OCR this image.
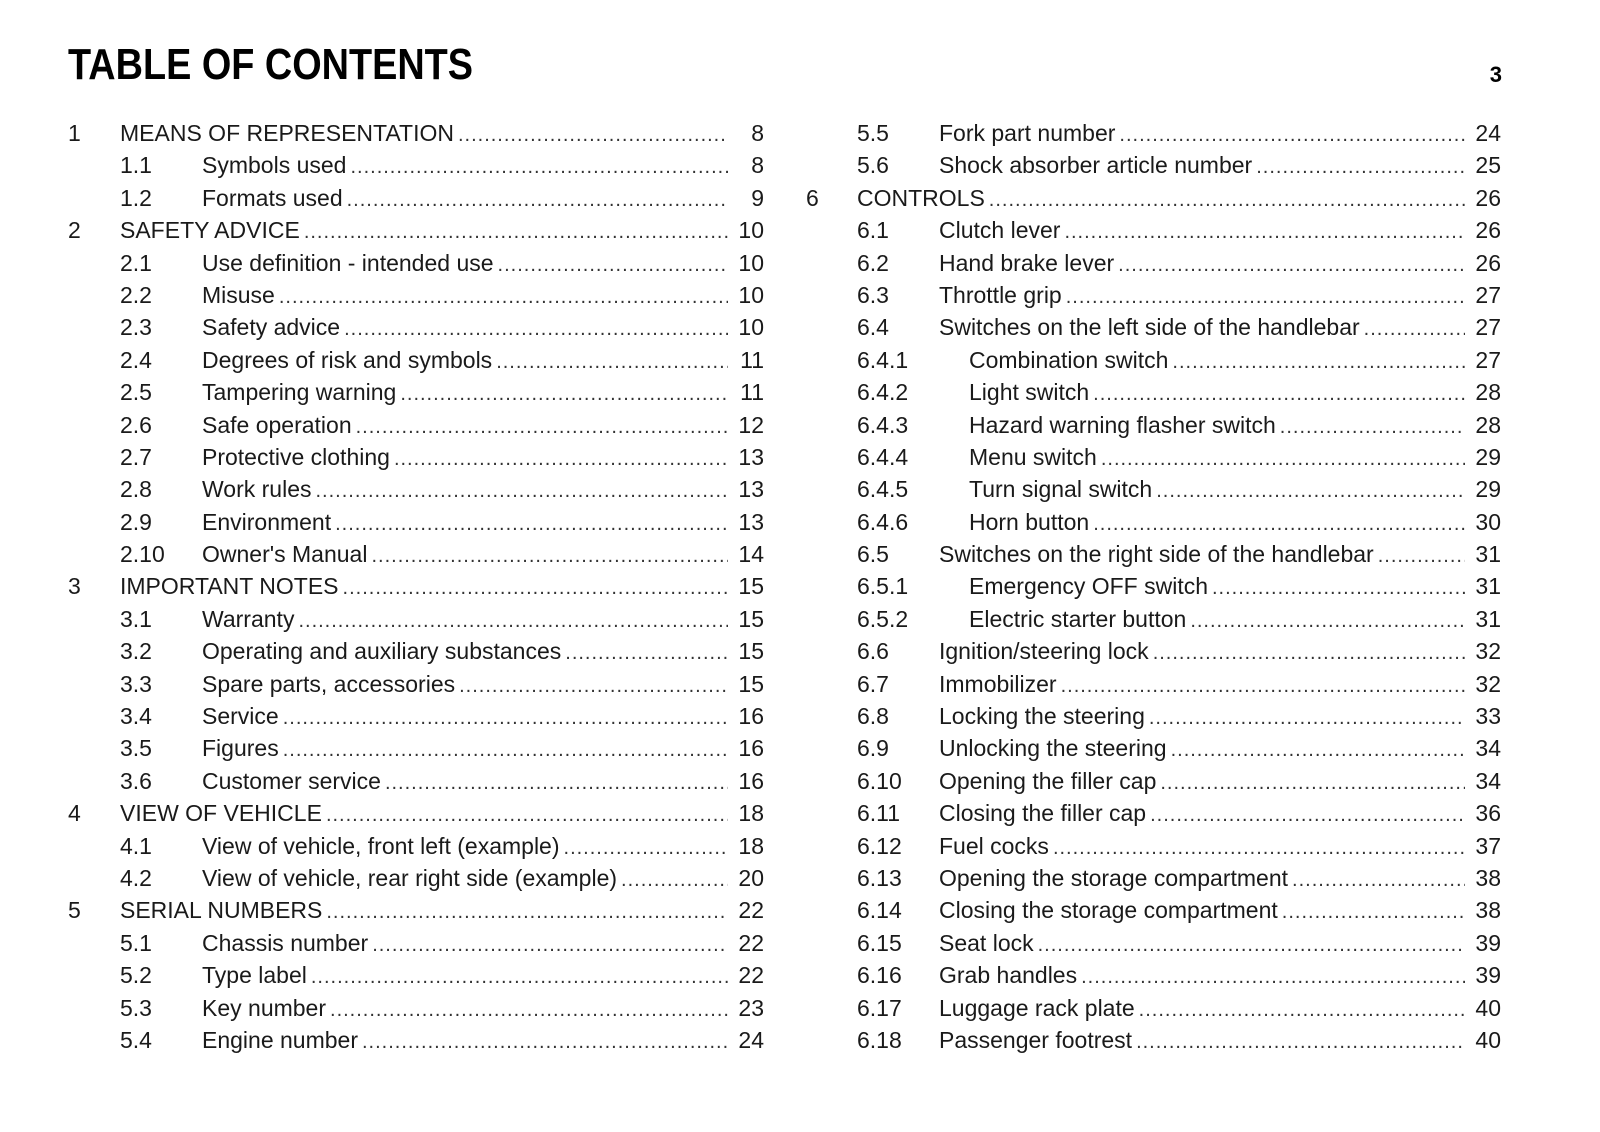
TABLE OF CONTENTS	3
1 MEANS OF REPRESENTATION .....	8
1.1 Symbols used .....	8
1.2 Formats used .....	9
2 SAFETY ADVICE .....	10
2.1 Use definition - intended use .....	10
2.2 Misuse .....	10
2.3 Safety advice .....	10
2.4 Degrees of risk and symbols .....	11
2.5 Tampering warning .....	11
2.6 Safe operation .....	12
2.7 Protective clothing .....	13
2.8 Work rules .....	13
2.9 Environment .....	13
2.10 Owner's Manual .....	14
3 IMPORTANT NOTES .....	15
3.1 Warranty .....	15
3.2 Operating and auxiliary substances .....	15
3.3 Spare parts, accessories .....	15
3.4 Service .....	16
3.5 Figures .....	16
3.6 Customer service .....	16
4 VIEW OF VEHICLE .....	18
4.1 View of vehicle, front left (example) .....	18
4.2 View of vehicle, rear right side (example) .....	20
5 SERIAL NUMBERS .....	22
5.1 Chassis number .....	22
5.2 Type label .....	22
5.3 Key number .....	23
5.4 Engine number .....	24
5.5 Fork part number .....	24
5.6 Shock absorber article number .....	25
6 CONTROLS .....	26
6.1 Clutch lever .....	26
6.2 Hand brake lever .....	26
6.3 Throttle grip .....	27
6.4 Switches on the left side of the handlebar .....	27
6.4.1	Combination switch .....	27
6.4.2	Light switch .....	28
6.4.3	Hazard warning flasher switch .....	28
6.4.4	Menu switch .....	29
6.4.5	Turn signal switch .....	29
6.4.6	Horn button .....	30
6.5 Switches on the right side of the handlebar .....	31
6.5.1	Emergency OFF switch .....	31
6.5.2	Electric starter button .....	31
6.6 Ignition/steering lock .....	32
6.7 Immobilizer .....	32
6.8 Locking the steering .....	33
6.9 Unlocking the steering .....	34
6.10 Opening the filler cap .....	34
6.11 Closing the filler cap .....	36
6.12 Fuel cocks .....	37
6.13 Opening the storage compartment .....	38
6.14 Closing the storage compartment .....	38
6.15 Seat lock .....	39
6.16 Grab handles .....	39
6.17 Luggage rack plate .....	40
6.18 Passenger footrest .....	40
